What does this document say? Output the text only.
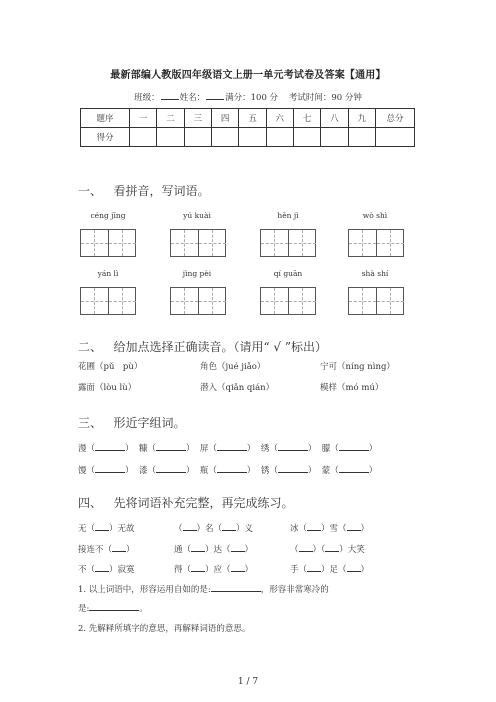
最新部编人教版四年级语文上册一单元考试卷及答案【通用】
班级： 姓名： 满分：100 分 考试时间：90 分钟
题序	一	二	三	四	五	六	七	八	九	总分
得分										
一、 看拼音，写词语。
céng jīng	yú kuài	hěn jì	wò shì
yán lì	jìng pèi	qí guān	shà shí
二、 给加点选择正确读音。（请用“ √ ”标出）
花圃（pǔ　pù）	角色（jué jiǎo）	宁可（níng nìng）
露面（lòu lù）	潜入（qiǎn qián）	模样（mó mú）
三、 形近字组词。
漫（	）  糠（	）  屏（	）  绣（	）  朦（	）
馒（	）  漆（	）  瓶（	）  锈（	）  蒙（	）
四、 先将词语补充完整，再完成练习。
无（ ）无故	（ ）名（ ）义	冰（ ）雪（ ）
接连不（ ）	通（ ）达（ ）	（ ）（ ）大笑
不（ ）寂寞	得（ ）应（ ）	手（ ）足（ ）
1. 以上词语中，形容运用自如的是:	，形容非常寒冷的
是:	。
2. 先解释所填字的意思，再解释词语的意思。
1 / 7
